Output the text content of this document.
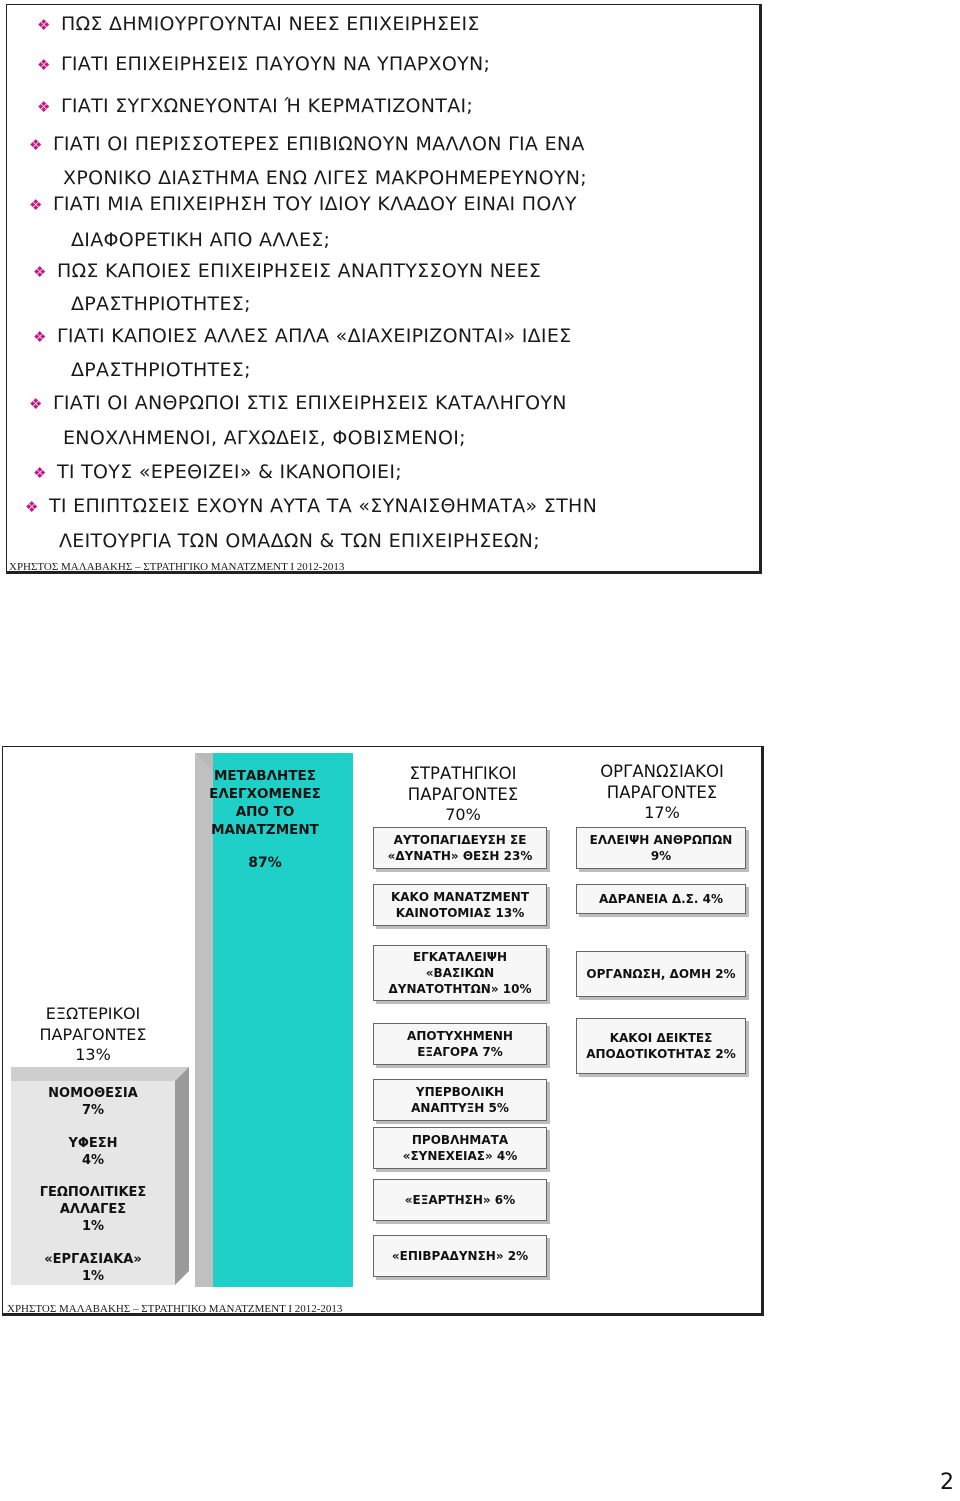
❖ ΠΩΣ ΔΗΜΙΟΥΡΓΟΥΝΤΑΙ ΝΕΕΣ ΕΠΙΧΕΙΡΗΣΕΙΣ
❖ ΓΙΑΤΙ ΕΠΙΧΕΙΡΗΣΕΙΣ ΠΑΥΟΥΝ ΝΑ ΥΠΑΡΧΟΥΝ;
❖ ΓΙΑΤΙ ΣΥΓΧΩΝΕΥΟΝΤΑΙ Ή ΚΕΡΜΑΤΙΖΟΝΤΑΙ;
❖ ΓΙΑΤΙ ΟΙ ΠΕΡΙΣΣΟΤΕΡΕΣ ΕΠΙΒΙΩΝΟΥΝ ΜΑΛΛΟΝ ΓΙΑ ΕΝΑ
ΧΡΟΝΙΚΟ ΔΙΑΣΤΗΜΑ ΕΝΩ ΛΙΓΕΣ ΜΑΚΡΟΗΜΕΡΕΥΝΟΥΝ;
❖ ΓΙΑΤΙ ΜΙΑ ΕΠΙΧΕΙΡΗΣΗ ΤΟΥ ΙΔΙΟΥ ΚΛΑΔΟΥ ΕΙΝΑΙ ΠΟΛΥ
ΔΙΑΦΟΡΕΤΙΚΗ ΑΠΟ ΑΛΛΕΣ;
❖ ΠΩΣ ΚΑΠΟΙΕΣ ΕΠΙΧΕΙΡΗΣΕΙΣ ΑΝΑΠΤΥΣΣΟΥΝ ΝΕΕΣ
ΔΡΑΣΤΗΡΙΟΤΗΤΕΣ;
❖ ΓΙΑΤΙ ΚΑΠΟΙΕΣ ΑΛΛΕΣ ΑΠΛΑ «ΔΙΑΧΕΙΡΙΖΟΝΤΑΙ» ΙΔΙΕΣ
ΔΡΑΣΤΗΡΙΟΤΗΤΕΣ;
❖ ΓΙΑΤΙ ΟΙ ΑΝΘΡΩΠΟΙ ΣΤΙΣ ΕΠΙΧΕΙΡΗΣΕΙΣ ΚΑΤΑΛΗΓΟΥΝ
ΕΝΟΧΛΗΜΕΝΟΙ, ΑΓΧΩΔΕΙΣ, ΦΟΒΙΣΜΕΝΟΙ;
❖ ΤΙ ΤΟΥΣ «ΕΡΕΘΙΖΕΙ» & ΙΚΑΝΟΠΟΙΕΙ;
❖ ΤΙ ΕΠΙΠΤΩΣΕΙΣ ΕΧΟΥΝ ΑΥΤΑ ΤΑ «ΣΥΝΑΙΣΘΗΜΑΤΑ» ΣΤΗΝ
ΛΕΙΤΟΥΡΓΙΑ ΤΩΝ ΟΜΑΔΩΝ & ΤΩΝ ΕΠΙΧΕΙΡΗΣΕΩΝ;
ΧΡΗΣΤΟΣ ΜΑΛΑΒΑΚΗΣ – ΣΤΡΑΤΗΓΙΚΟ ΜΑΝΑΤΖΜΕΝΤ Ι 2012-2013
ΜΕΤΑΒΛΗΤΕΣ ΕΛΕΓΧΟΜΕΝΕΣ ΑΠΟ ΤΟ ΜΑΝΑΤΖΜΕΝΤ
87%
ΕΞΩΤΕΡΙΚΟΙ ΠΑΡΑΓΟΝΤΕΣ
13%
ΝΟΜΟΘΕΣΙΑ
7%
ΥΦΕΣΗ
4%
ΓΕΩΠΟΛΙΤΙΚΕΣ ΑΛΛΑΓΕΣ
1%
«ΕΡΓΑΣΙΑΚΑ»
1%
ΣΤΡΑΤΗΓΙΚΟΙ ΠΑΡΑΓΟΝΤΕΣ
70%
ΑΥΤΟΠΑΓΙΔΕΥΣΗ ΣΕ «ΔΥΝΑΤΗ» ΘΕΣΗ 23%
ΚΑΚΟ ΜΑΝΑΤΖΜΕΝΤ ΚΑΙΝΟΤΟΜΙΑΣ 13%
ΕΓΚΑΤΑΛΕΙΨΗ «ΒΑΣΙΚΩΝ ΔΥΝΑΤΟΤΗΤΩΝ» 10%
ΑΠΟΤΥΧΗΜΕΝΗ ΕΞΑΓΟΡΑ 7%
ΥΠΕΡΒΟΛΙΚΗ ΑΝΑΠΤΥΞΗ 5%
ΠΡΟΒΛΗΜΑΤΑ «ΣΥΝΕΧΕΙΑΣ» 4%
«ΕΞΑΡΤΗΣΗ» 6%
«ΕΠΙΒΡΑΔΥΝΣΗ» 2%
ΟΡΓΑΝΩΣΙΑΚΟΙ ΠΑΡΑΓΟΝΤΕΣ
17%
ΕΛΛΕΙΨΗ ΑΝΘΡΩΠΩΝ 9%
ΑΔΡΑΝΕΙΑ Δ.Σ. 4%
ΟΡΓΑΝΩΣΗ, ΔΟΜΗ 2%
ΚΑΚΟΙ ΔΕΙΚΤΕΣ ΑΠΟΔΟΤΙΚΟΤΗΤΑΣ 2%
ΧΡΗΣΤΟΣ ΜΑΛΑΒΑΚΗΣ – ΣΤΡΑΤΗΓΙΚΟ ΜΑΝΑΤΖΜΕΝΤ Ι 2012-2013
2
